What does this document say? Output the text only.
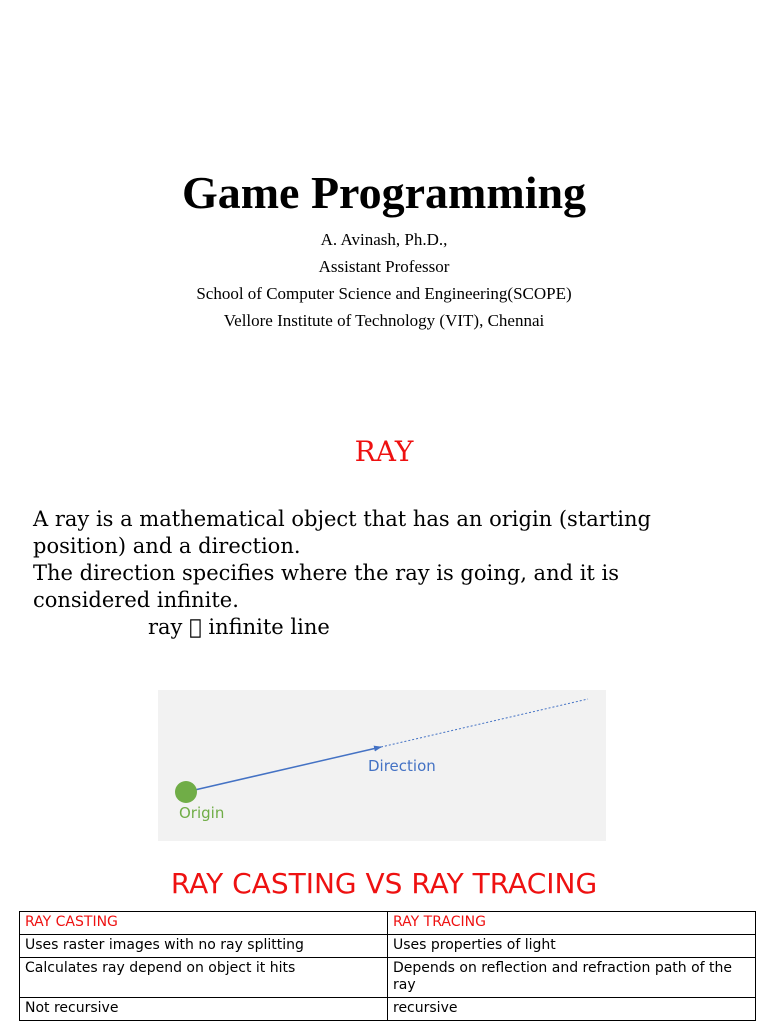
Game Programming
A. Avinash, Ph.D.,
Assistant Professor
School of Computer Science and Engineering(SCOPE)
Vellore Institute of Technology (VIT), Chennai
RAY

A ray is a mathematical object that has an origin (starting position) and a direction.

The direction specifies where the ray is going, and it is considered infinite.

ray   infinite line

Direction
Origin
RAY CASTING VS RAY TRACING
RAY CASTING	RAY TRACING
Uses raster images with no ray splitting	Uses properties of light
Calculates ray depend on object it hits	Depends on reflection and refraction path of the ray
Not recursive	recursive
